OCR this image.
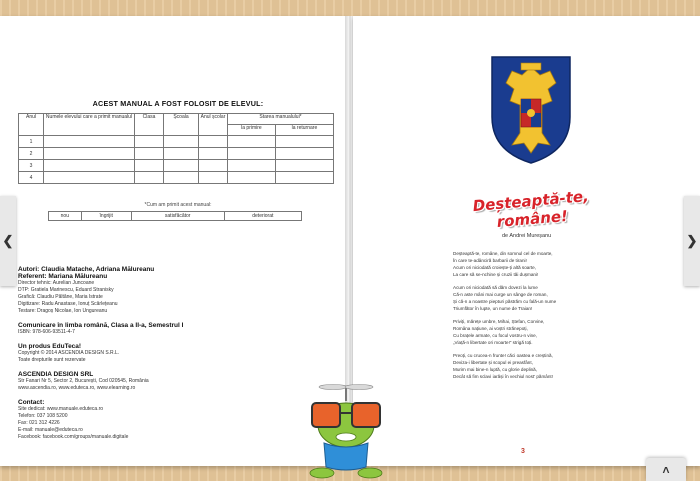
ACEST MANUAL A FOST FOLOSIT DE ELEVUL:
Anul	Numele elevului care a primit manualul	Clasa	Școala	Anul școlar	Starea manualului*	
					la primire	la returnare
1						
2						
3						
4						
*Cum am primit acest manual:
nou	îngrijit	satisfăcător	deteriorat
Autori: Claudia Matache, Adriana Mălureanu
Referent: Mariana Mălureanu
Director tehnic: Aurelian Juncoane
DTP: Gratiela Marinescu, Eduard Stranisky
Grafică: Claudiu Păltăne, Maria Istrate
Digitizare: Radu Anastase, Ionuț Scârlețeanu
Testare: Dragoș Nicolae, Ion Ungureanu
Comunicare în limba română, Clasa a II-a, Semestrul I
ISBN: 978-606-93511-4-7
Un produs EduTeca!
Copyright © 2014 ASCENDIA DESIGN S.R.L.
Toate drepturile sunt rezervate
ASCENDIA DESIGN SRL
Str Fanari Nr 5, Sector 2, București, Cod 020545, România
www.ascendia.ro, www.eduteca.ro, www.elearning.ro
Contact:
Site dedicat: www.manuale.eduteca.ro
Telefon: 037 108 5200
Fax: 021 312 4226
E-mail: manuale@eduteca.ro
Facebook: facebook.com/groups/manuale.digitale
Deșteaptă-te, române!
de Andrei Mureșanu
Deșteaptă-te, române, din somnul cel de moarte,
În care te-adânciră barbarii de tirani!
Acum ori niciodată croiește-ți altă soarte,
La care să se-nchine și cruzii tăi dușmani!
Acum ori niciodată să dăm dovezi la lume
Că-n aste mâni mai curge un sânge de roman,
Și că-n a noastre piepturi păstrăm cu fală-un nume
Triumfător în lupte, un nume de Traian!
Priviți, mărețe umbre, Mihai, Ștefan, Corvine,
Româna națiune, ai voștri strănepoți,
Cu brațele armate, cu focul vostru-n vine,
„Viață-n libertate ori moarte!” strigă toți.
Preoți, cu crucea-n frunte! căci oastea e creștină,
Deviza-i libertate și scopul ei preasfânt,
Murim mai bine-n luptă, cu glorie deplină,
Decât să fim sclavi iarăși în vechiul nost' pământ!
3
❮	❯
˄
